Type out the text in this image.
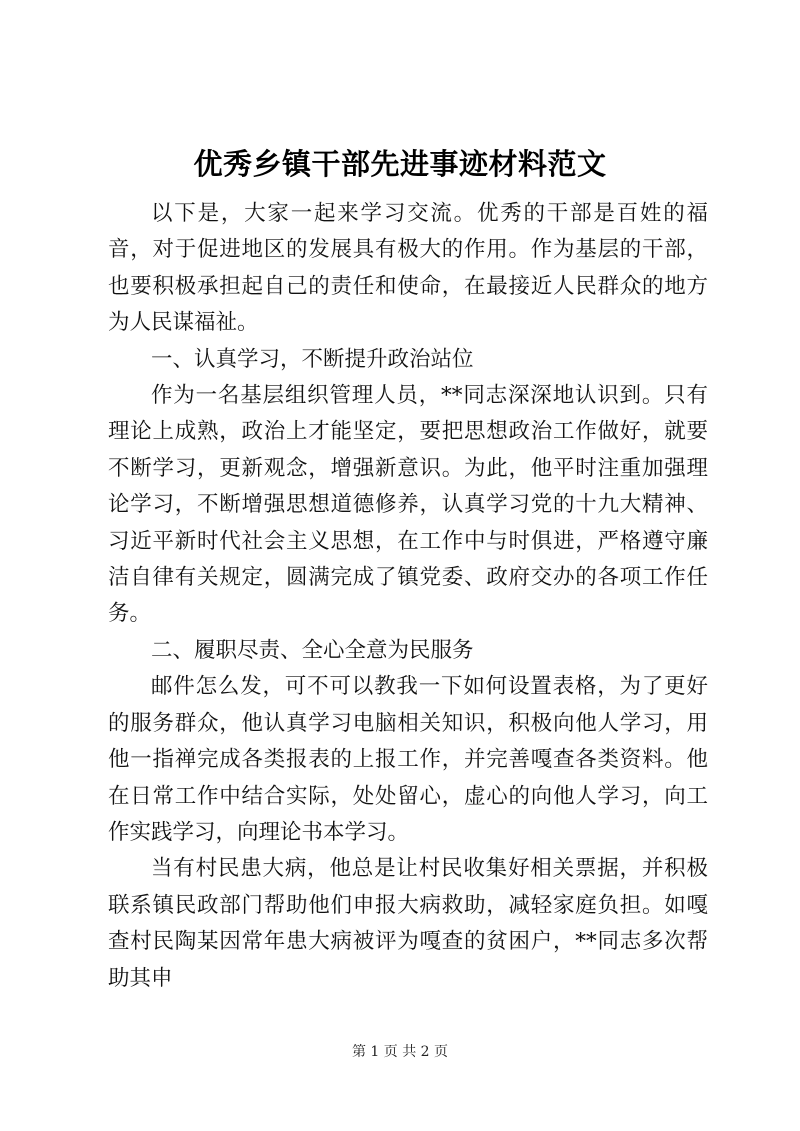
优秀乡镇干部先进事迹材料范文

以下是，大家一起来学习交流。优秀的干部是百姓的福音，对于促进地区的发展具有极大的作用。作为基层的干部，也要积极承担起自己的责任和使命，在最接近人民群众的地方为人民谋福祉。

一、认真学习，不断提升政治站位

作为一名基层组织管理人员，**同志深深地认识到。只有理论上成熟，政治上才能坚定，要把思想政治工作做好，就要不断学习，更新观念，增强新意识。为此，他平时注重加强理论学习，不断增强思想道德修养，认真学习党的十九大精神、习近平新时代社会主义思想，在工作中与时俱进，严格遵守廉洁自律有关规定，圆满完成了镇党委、政府交办的各项工作任务。

二、履职尽责、全心全意为民服务

邮件怎么发，可不可以教我一下如何设置表格，为了更好的服务群众，他认真学习电脑相关知识，积极向他人学习，用他一指禅完成各类报表的上报工作，并完善嘎查各类资料。他在日常工作中结合实际，处处留心，虚心的向他人学习，向工作实践学习，向理论书本学习。

当有村民患大病，他总是让村民收集好相关票据，并积极联系镇民政部门帮助他们申报大病救助，减轻家庭负担。如嘎查村民陶某因常年患大病被评为嘎查的贫困户，**同志多次帮助其申

第 1 页 共 2 页
